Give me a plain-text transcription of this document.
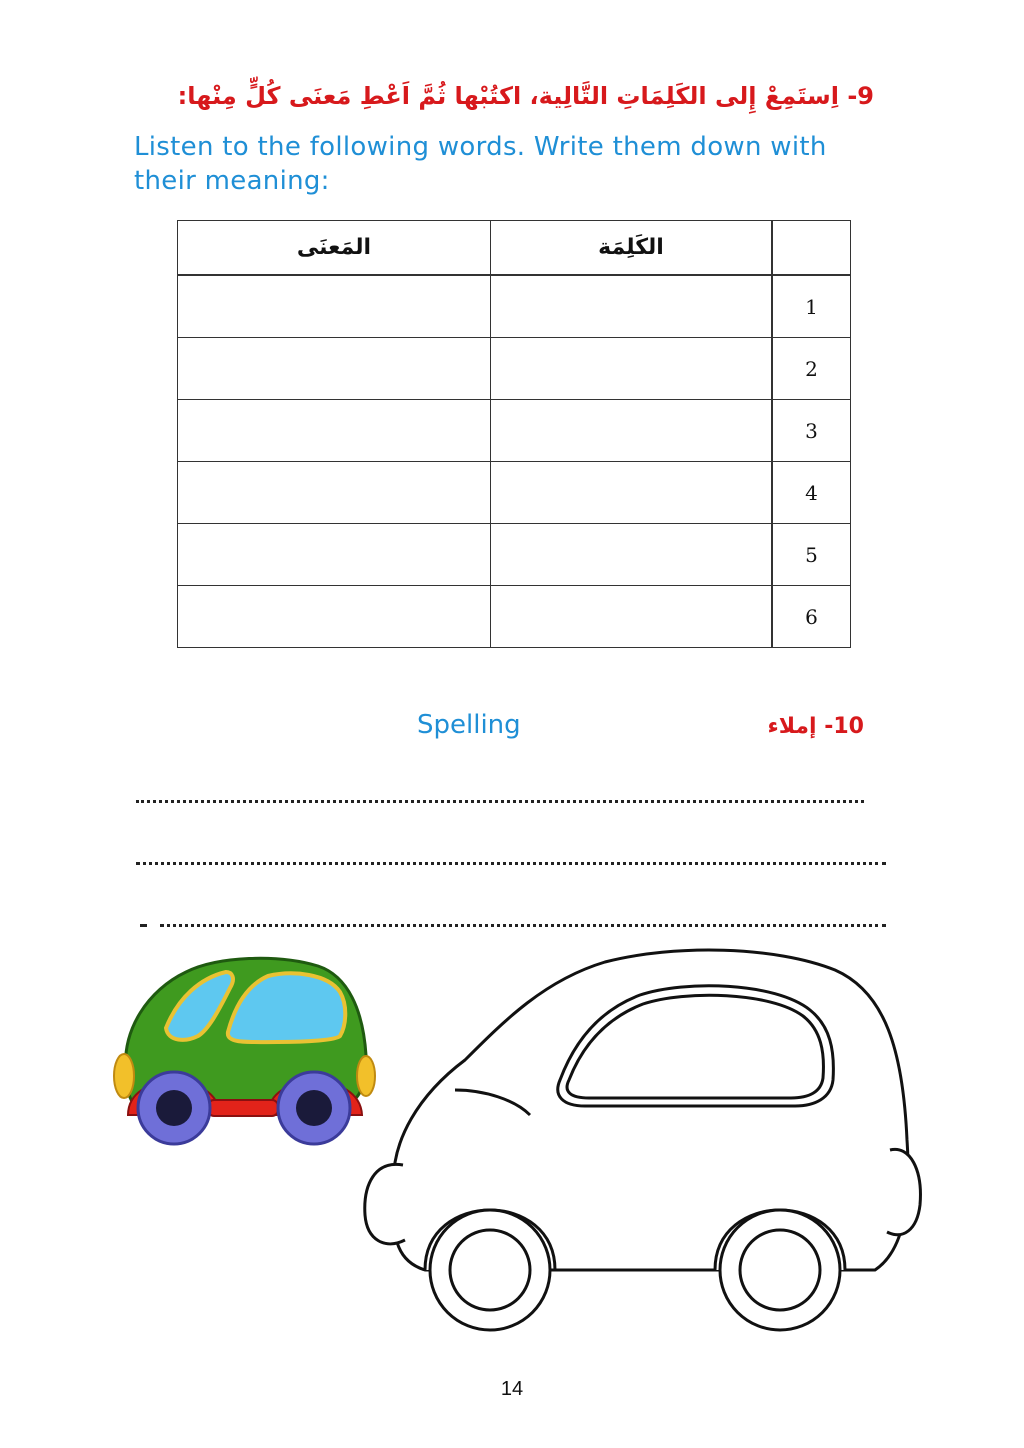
9- اِستَمِعْ إِلى الكَلِمَاتِ التَّالِية، اكتُبْها ثُمَّ اَعْطِ مَعنَى كُلٍّ مِنْها:
Listen to the following words. Write them down with their meaning:
المَعنَى	الكَلِمَة	
		1
		2
		3
		4
		5
		6
Spelling	10- إملاء
14
